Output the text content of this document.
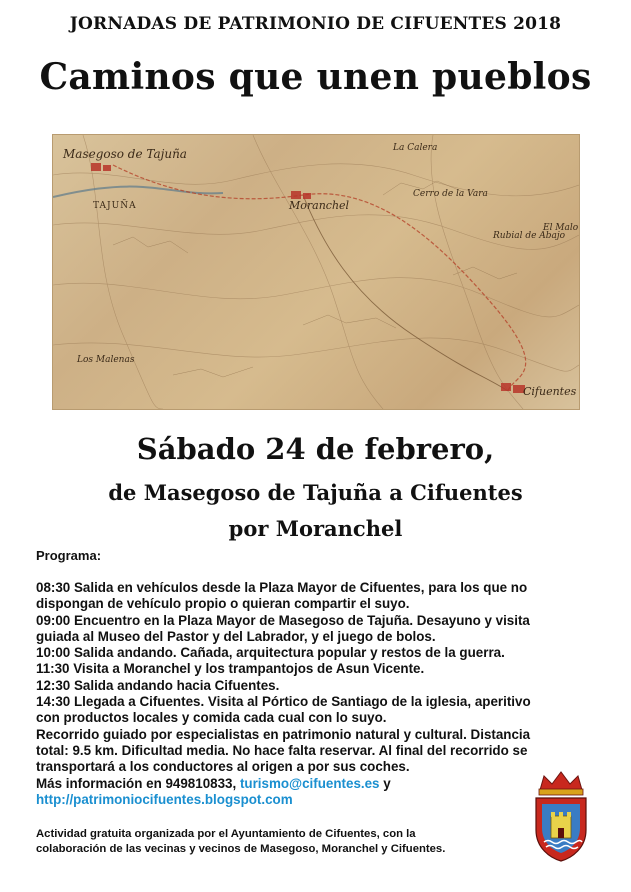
JORNADAS DE PATRIMONIO DE CIFUENTES 2018
Caminos que unen pueblos
Masegoso de Tajuña
Moranchel
Cifuentes
TAJUÑA
Los Malenas
Rubial de Abajo
Cerro de la Vara
La Calera
El Malo
Sábado 24 de febrero,
de Masegoso de Tajuña a Cifuentes
por Moranchel
Programa:
08:30 Salida en vehículos desde la Plaza Mayor de Cifuentes, para los que no
dispongan de vehículo propio o quieran compartir el suyo.
09:00 Encuentro en la Plaza Mayor de Masegoso de Tajuña. Desayuno y visita
guiada al Museo del Pastor y del Labrador, y el juego de bolos.
10:00 Salida andando. Cañada, arquitectura popular y restos de la guerra.
11:30 Visita a Moranchel y los trampantojos de Asun Vicente.
12:30 Salida andando hacia Cifuentes.
14:30 Llegada a Cifuentes. Visita al Pórtico de Santiago de la iglesia, aperitivo
con productos locales y comida cada cual con lo suyo.
Recorrido guiado por especialistas en patrimonio natural y cultural. Distancia
total: 9.5 km. Dificultad media. No hace falta reservar. Al final del recorrido se
transportará a los conductores al origen a por sus coches.
Más información en 949810833, turismo@cifuentes.es y
http://patrimoniocifuentes.blogspot.com
Actividad gratuita organizada por el Ayuntamiento de Cifuentes, con la
colaboración de las vecinas y vecinos de Masegoso, Moranchel y Cifuentes.
